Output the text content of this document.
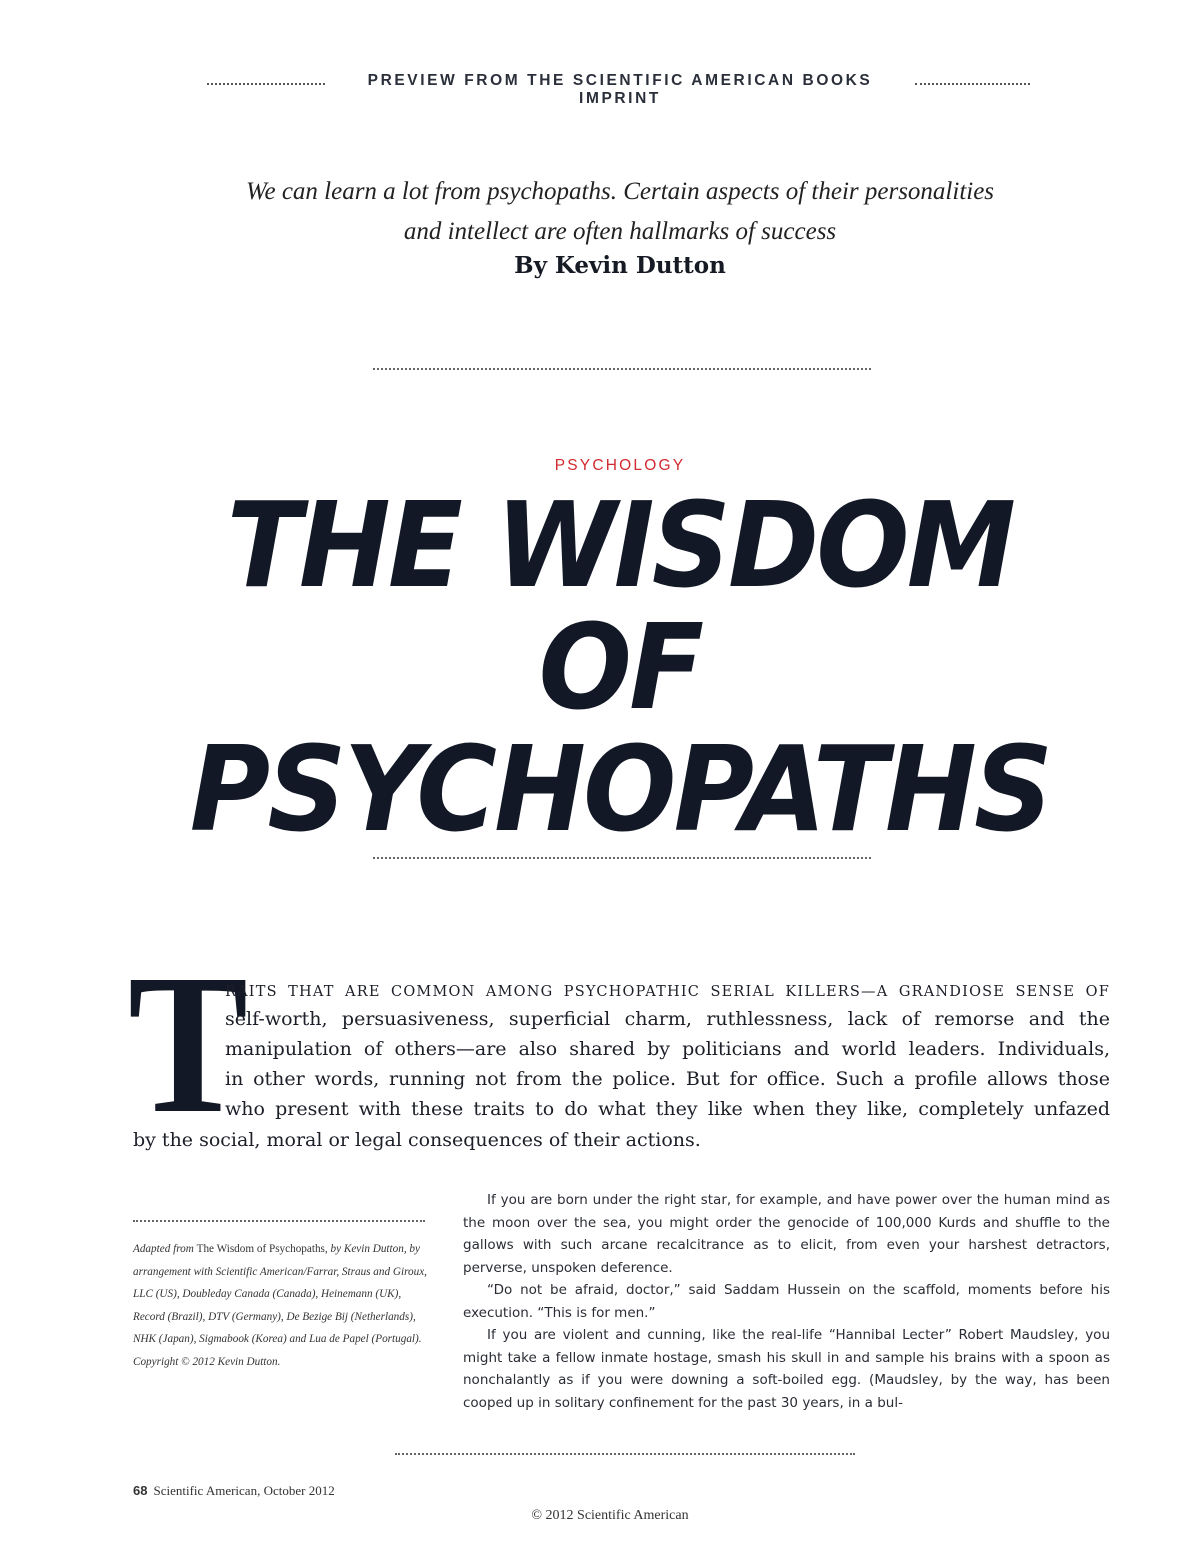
PREVIEW FROM THE SCIENTIFIC AMERICAN BOOKS IMPRINT
We can learn a lot from psychopaths. Certain aspects of their personalities
and intellect are often hallmarks of success
By Kevin Dutton
PSYCHOLOGY
THE WISDOM OF
PSYCHOPATHS
T
RAITS THAT ARE COMMON AMONG PSYCHOPATHIC SERIAL KILLERS—A GRANDIOSE SENSE OF
self-worth, persuasiveness, superficial charm, ruthlessness, lack of remorse and the
manipulation of others—are also shared by politicians and world leaders. Individuals,
in other words, running not from the police. But for office. Such a profile allows those
who present with these traits to do what they like when they like, completely unfazed
by the social, moral or legal consequences of their actions.
Adapted from The Wisdom of Psychopaths, by Kevin Dutton, by arrangement with Scientific American/Farrar, Straus and Giroux, LLC (US), Doubleday Canada (Canada), Heinemann (UK), Record (Brazil), DTV (Germany), De Bezige Bij (Netherlands), NHK (Japan), Sigmabook (Korea) and Lua de Papel (Portugal).
Copyright © 2012 Kevin Dutton.

If you are born under the right star, for example, and have power over the human mind as the moon over the sea, you might order the genocide of 100,000 Kurds and shuffle to the gallows with such arcane recalcitrance as to elicit, from even your harshest detractors, perverse, unspoken deference.

“Do not be afraid, doctor,” said Saddam Hussein on the scaffold, moments before his execution. “This is for men.”

If you are violent and cunning, like the real-life “Hannibal Lecter” Robert Maudsley, you might take a fellow inmate hostage, smash his skull in and sample his brains with a spoon as nonchalantly as if you were downing a soft-boiled egg. (Maudsley, by the way, has been cooped up in solitary confinement for the past 30 years, in a bul-

68 Scientific American, October 2012
© 2012 Scientific American
